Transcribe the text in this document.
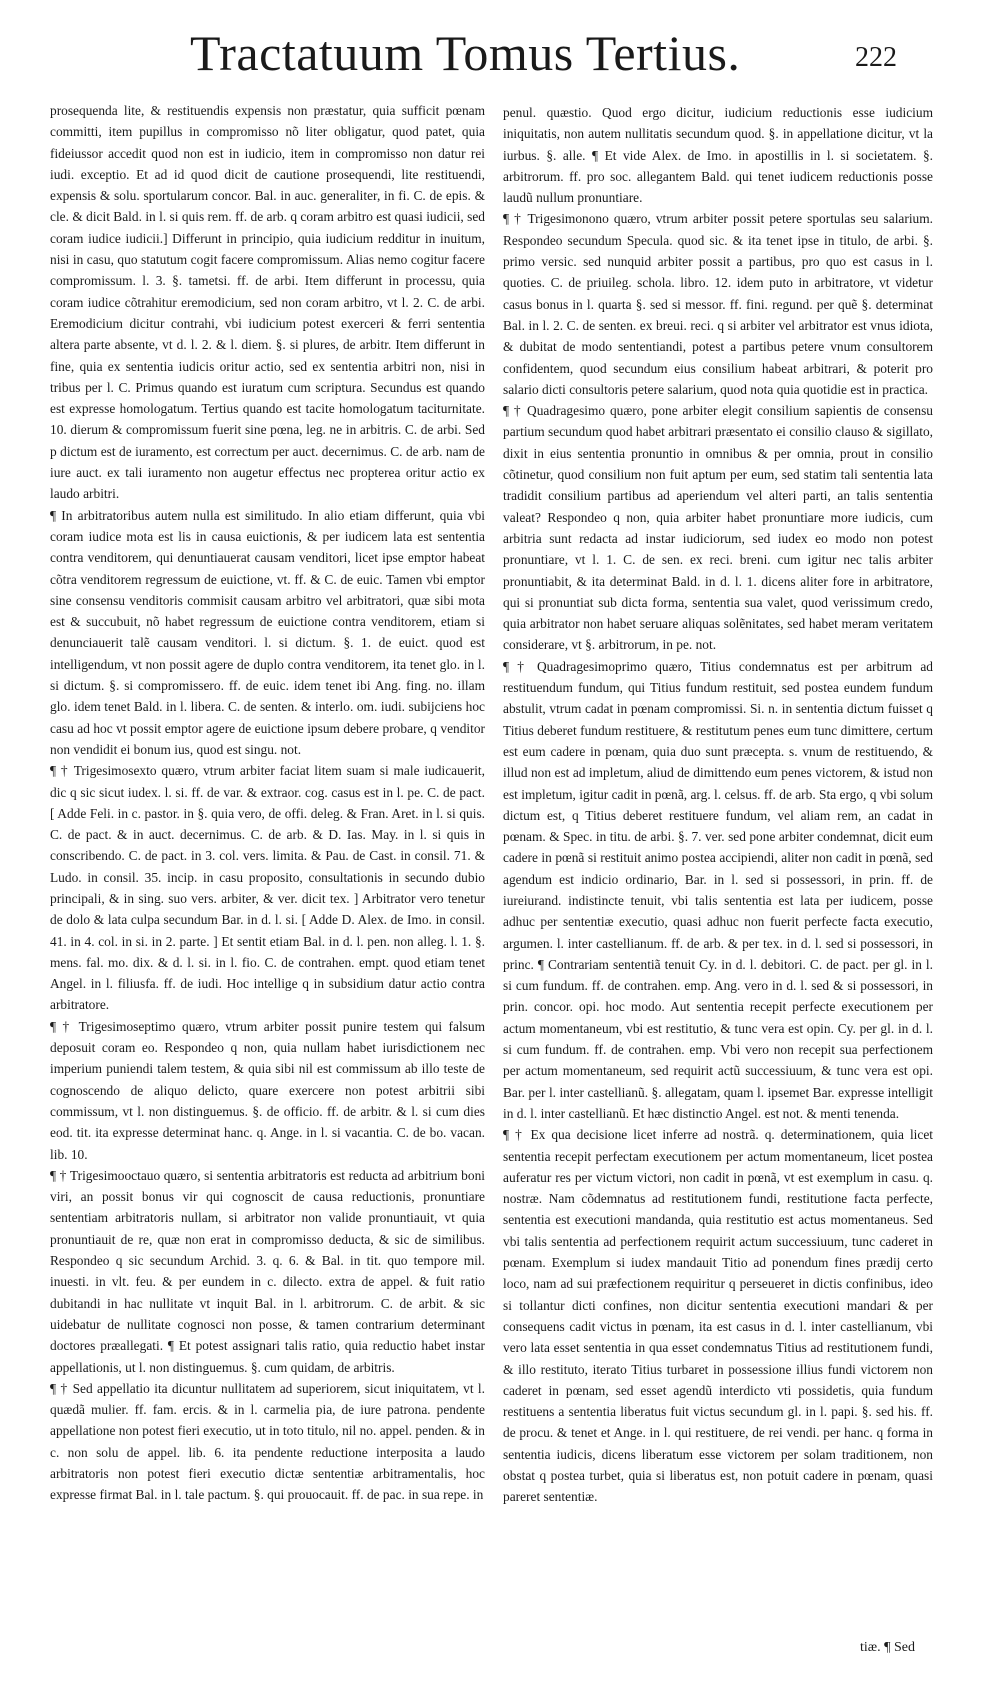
Tractatuum Tomus Tertius.	222

prosequenda lite, & restituendis expensis non præstatur, quia sufficit pœnam committi, item pupillus in compromisso nõ liter obligatur, quod patet, quia fideiussor accedit quod non est in iudicio, item in compromisso non datur rei iudi. exceptio. Et ad id quod dicit de cautione prosequendi, lite restituendi, expensis & solu. sportularum concor. Bal. in auc. generaliter, in fi. C. de epis. & cle. & dicit Bald. in l. si quis rem. ff. de arb. q coram arbitro est quasi iudicii, sed coram iudice iudicii.] Differunt in principio, quia iudicium redditur in inuitum, nisi in casu, quo statutum cogit facere compromissum. Alias nemo cogitur facere compromissum. l. 3. §. tametsi. ff. de arbi. Item differunt in processu, quia coram iudice cõtrahitur eremodicium, sed non coram arbitro, vt l. 2. C. de arbi. Eremodicium dicitur contrahi, vbi iudicium potest exerceri & ferri sententia altera parte absente, vt d. l. 2. & l. diem. §. si plures, de arbitr. Item differunt in fine, quia ex sententia iudicis oritur actio, sed ex sententia arbitri non, nisi in tribus per l. C. Primus quando est iuratum cum scriptura. Secundus est quando est expresse homologatum. Tertius quando est tacite homologatum taciturnitate. 10. dierum & compromissum fuerit sine pœna, leg. ne in arbitris. C. de arbi. Sed p dictum est de iuramento, est correctum per auct. decernimus. C. de arb. nam de iure auct. ex tali iuramento non augetur effectus nec propterea oritur actio ex laudo arbitri.

¶ In arbitratoribus autem nulla est similitudo. In alio etiam differunt, quia vbi coram iudice mota est lis in causa euictionis, & per iudicem lata est sententia contra venditorem, qui denuntiauerat causam venditori, licet ipse emptor habeat cõtra venditorem regressum de euictione, vt. ff. & C. de euic. Tamen vbi emptor sine consensu venditoris commisit causam arbitro vel arbitratori, quæ sibi mota est & succubuit, nõ habet regressum de euictione contra venditorem, etiam si denunciauerit talẽ causam venditori. l. si dictum. §. 1. de euict. quod est intelligendum, vt non possit agere de duplo contra venditorem, ita tenet glo. in l. si dictum. §. si compromissero. ff. de euic. idem tenet ibi Ang. fing. no. illam glo. idem tenet Bald. in l. libera. C. de senten. & interlo. om. iudi. subijciens hoc casu ad hoc vt possit emptor agere de euictione ipsum debere probare, q venditor non vendidit ei bonum ius, quod est singu. not.

¶ † Trigesimosexto quæro, vtrum arbiter faciat litem suam si male iudicauerit, dic q sic sicut iudex. l. si. ff. de var. & extraor. cog. casus est in l. pe. C. de pact. [ Adde Feli. in c. pastor. in §. quia vero, de offi. deleg. & Fran. Aret. in l. si quis. C. de pact. & in auct. decernimus. C. de arb. & D. Ias. May. in l. si quis in conscribendo. C. de pact. in 3. col. vers. limita. & Pau. de Cast. in consil. 71. & Ludo. in consil. 35. incip. in casu proposito, consultationis in secundo dubio principali, & in sing. suo vers. arbiter, & ver. dicit tex. ] Arbitrator vero tenetur de dolo & lata culpa secundum Bar. in d. l. si. [ Adde D. Alex. de Imo. in consil. 41. in 4. col. in si. in 2. parte. ] Et sentit etiam Bal. in d. l. pen. non alleg. l. 1. §. mens. fal. mo. dix. & d. l. si. in l. fio. C. de contrahen. empt. quod etiam tenet Angel. in l. filiusfa. ff. de iudi. Hoc intellige q in subsidium datur actio contra arbitratore.

¶ † Trigesimoseptimo quæro, vtrum arbiter possit punire testem qui falsum deposuit coram eo. Respondeo q non, quia nullam habet iurisdictionem nec imperium puniendi talem testem, & quia sibi nil est commissum ab illo teste de cognoscendo de aliquo delicto, quare exercere non potest arbitrii sibi commissum, vt l. non distinguemus. §. de officio. ff. de arbitr. & l. si cum dies eod. tit. ita expresse determinat hanc. q. Ange. in l. si vacantia. C. de bo. vacan. lib. 10.

¶ † Trigesimooctauo quæro, si sententia arbitratoris est reducta ad arbitrium boni viri, an possit bonus vir qui cognoscit de causa reductionis, pronuntiare sententiam arbitratoris nullam, si arbitrator non valide pronuntiauit, vt quia pronuntiauit de re, quæ non erat in compromisso deducta, & sic de similibus. Respondeo q sic secundum Archid. 3. q. 6. & Bal. in tit. quo tempore mil. inuesti. in vlt. feu. & per eundem in c. dilecto. extra de appel. & fuit ratio dubitandi in hac nullitate vt inquit Bal. in l. arbitrorum. C. de arbit. & sic uidebatur de nullitate cognosci non posse, & tamen contrarium determinant doctores præallegati. ¶ Et potest assignari talis ratio, quia reductio habet instar appellationis, ut l. non distinguemus. §. cum quidam, de arbitris.

¶ † Sed appellatio ita dicuntur nullitatem ad superiorem, sicut iniquitatem, vt l. quædã mulier. ff. fam. ercis. & in l. carmelia pia, de iure patrona. pendente appellatione non potest fieri executio, ut in toto titulo, nil no. appel. penden. & in c. non solu de appel. lib. 6. ita pendente reductione interposita a laudo arbitratoris non potest fieri executio dictæ sententiæ arbitramentalis, hoc expresse firmat Bal. in l. tale pactum. §. qui prouocauit. ff. de pac. in sua repe. in

penul. quæstio. Quod ergo dicitur, iudicium reductionis esse iudicium iniquitatis, non autem nullitatis secundum quod. §. in appellatione dicitur, vt la iurbus. §. alle. ¶ Et vide Alex. de Imo. in apostillis in l. si societatem. §. arbitrorum. ff. pro soc. allegantem Bald. qui tenet iudicem reductionis posse laudũ nullum pronuntiare.

¶ † Trigesimonono quæro, vtrum arbiter possit petere sportulas seu salarium. Respondeo secundum Specula. quod sic. & ita tenet ipse in titulo, de arbi. §. primo versic. sed nunquid arbiter possit a partibus, pro quo est casus in l. quoties. C. de priuileg. schola. libro. 12. idem puto in arbitratore, vt videtur casus bonus in l. quarta §. sed si messor. ff. fini. regund. per quẽ §. determinat Bal. in l. 2. C. de senten. ex breui. reci. q si arbiter vel arbitrator est vnus idiota, & dubitat de modo sententiandi, potest a partibus petere vnum consultorem confidentem, quod secundum eius consilium habeat arbitrari, & poterit pro salario dicti consultoris petere salarium, quod nota quia quotidie est in practica.

¶ † Quadragesimo quæro, pone arbiter elegit consilium sapientis de consensu partium secundum quod habet arbitrari præsentato ei consilio clauso & sigillato, dixit in eius sententia pronuntio in omnibus & per omnia, prout in consilio cõtinetur, quod consilium non fuit aptum per eum, sed statim tali sententia lata tradidit consilium partibus ad aperiendum vel alteri parti, an talis sententia valeat? Respondeo q non, quia arbiter habet pronuntiare more iudicis, cum arbitria sunt redacta ad instar iudiciorum, sed iudex eo modo non potest pronuntiare, vt l. 1. C. de sen. ex reci. breni. cum igitur nec talis arbiter pronuntiabit, & ita determinat Bald. in d. l. 1. dicens aliter fore in arbitratore, qui si pronuntiat sub dicta forma, sententia sua valet, quod verissimum credo, quia arbitrator non habet seruare aliquas solẽnitates, sed habet meram veritatem considerare, vt §. arbitrorum, in pe. not.

¶ † Quadragesimoprimo quæro, Titius condemnatus est per arbitrum ad restituendum fundum, qui Titius fundum restituit, sed postea eundem fundum abstulit, vtrum cadat in pœnam compromissi. Si. n. in sententia dictum fuisset q Titius deberet fundum restituere, & restitutum penes eum tunc dimittere, certum est eum cadere in pœnam, quia duo sunt præcepta. s. vnum de restituendo, & illud non est ad impletum, aliud de dimittendo eum penes victorem, & istud non est impletum, igitur cadit in pœnã, arg. l. celsus. ff. de arb. Sta ergo, q vbi solum dictum est, q Titius deberet restituere fundum, vel aliam rem, an cadat in pœnam. & Spec. in titu. de arbi. §. 7. ver. sed pone arbiter condemnat, dicit eum cadere in pœnã si restituit animo postea accipiendi, aliter non cadit in pœnã, sed agendum est indicio ordinario, Bar. in l. sed si possessori, in prin. ff. de iureiurand. indistincte tenuit, vbi talis sententia est lata per iudicem, posse adhuc per sententiæ executio, quasi adhuc non fuerit perfecte facta executio, argumen. l. inter castellianum. ff. de arb. & per tex. in d. l. sed si possessori, in princ. ¶ Contrariam sententiã tenuit Cy. in d. l. debitori. C. de pact. per gl. in l. si cum fundum. ff. de contrahen. emp. Ang. vero in d. l. sed & si possessori, in prin. concor. opi. hoc modo. Aut sententia recepit perfecte executionem per actum momentaneum, vbi est restitutio, & tunc vera est opin. Cy. per gl. in d. l. si cum fundum. ff. de contrahen. emp. Vbi vero non recepit sua perfectionem per actum momentaneum, sed requirit actũ successiuum, & tunc vera est opi. Bar. per l. inter castellianũ. §. allegatam, quam l. ipsemet Bar. expresse intelligit in d. l. inter castellianũ. Et hæc distinctio Angel. est not. & menti tenenda.

¶ † Ex qua decisione licet inferre ad nostrã. q. determinationem, quia licet sententia recepit perfectam executionem per actum momentaneum, licet postea auferatur res per victum victori, non cadit in pœnã, vt est exemplum in casu. q. nostræ. Nam cõdemnatus ad restitutionem fundi, restitutione facta perfecte, sententia est executioni mandanda, quia restitutio est actus momentaneus. Sed vbi talis sententia ad perfectionem requirit actum successiuum, tunc caderet in pœnam. Exemplum si iudex mandauit Titio ad ponendum fines prædij certo loco, nam ad sui præfectionem requiritur q perseueret in dictis confinibus, ideo si tollantur dicti confines, non dicitur sententia executioni mandari & per consequens cadit victus in pœnam, ita est casus in d. l. inter castellianum, vbi vero lata esset sententia in qua esset condemnatus Titius ad restitutionem fundi, & illo restituto, iterato Titius turbaret in possessione illius fundi victorem non caderet in pœnam, sed esset agendũ interdicto vti possidetis, quia fundum restituens a sententia liberatus fuit victus secundum gl. in l. papi. §. sed his. ff. de procu. & tenet et Ange. in l. qui restituere, de rei vendi. per hanc. q forma in sententia iudicis, dicens liberatum esse victorem per solam traditionem, non obstat q postea turbet, quia si liberatus est, non potuit cadere in pœnam, quasi pareret sententiæ.

tiæ. ¶ Sed
